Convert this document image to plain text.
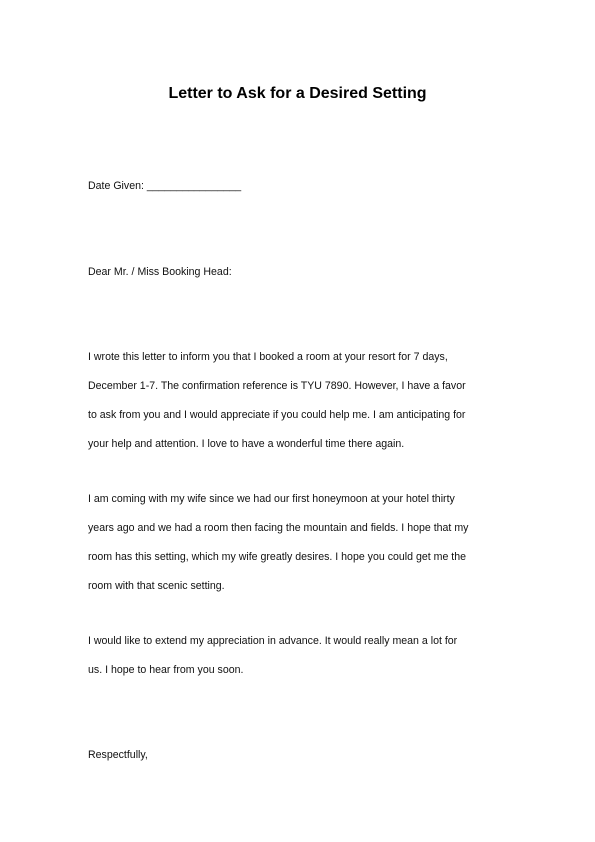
Letter to Ask for a Desired Setting
Date Given: ________________
Dear Mr. / Miss Booking Head:
I wrote this letter to inform you that I booked a room at your resort for 7 days,
December 1-7. The confirmation reference is TYU 7890. However, I have a favor
to ask from you and I would appreciate if you could help me. I am anticipating for
your help and attention. I love to have a wonderful time there again.
I am coming with my wife since we had our first honeymoon at your hotel thirty
years ago and we had a room then facing the mountain and fields. I hope that my
room has this setting, which my wife greatly desires. I hope you could get me the
room with that scenic setting.
I would like to extend my appreciation in advance. It would really mean a lot for
us. I hope to hear from you soon.
Respectfully,
